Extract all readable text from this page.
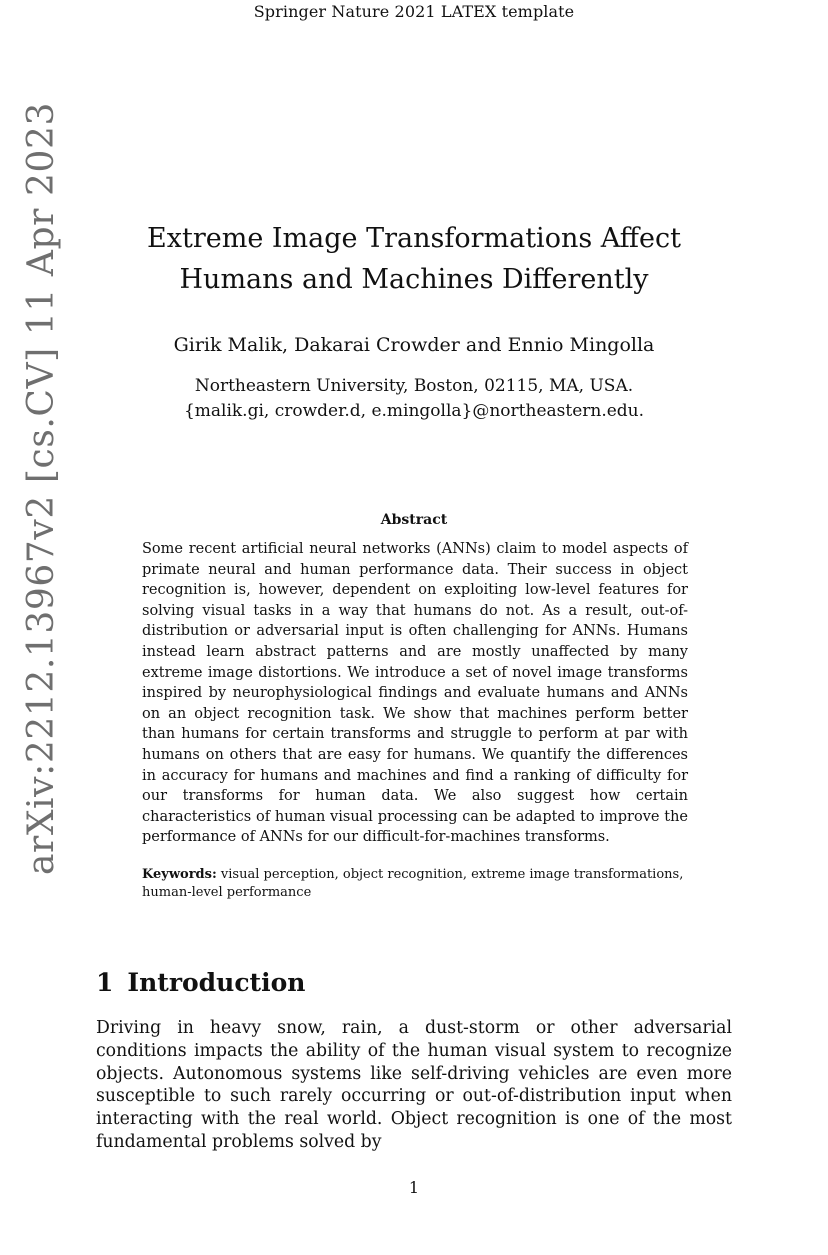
Springer Nature 2021 LATEX template
arXiv:2212.13967v2 [cs.CV] 11 Apr 2023	Extreme Image Transformations Affect
Humans and Machines Differently
Girik Malik, Dakarai Crowder and Ennio Mingolla
Northeastern University, Boston, 02115, MA, USA.
{malik.gi, crowder.d, e.mingolla}@northeastern.edu.
Abstract
Some recent artificial neural networks (ANNs) claim to model aspects of primate neural and human performance data. Their success in object recognition is, however, dependent on exploiting low-level features for solving visual tasks in a way that humans do not. As a result, out-of-distribution or adversarial input is often challenging for ANNs. Humans instead learn abstract patterns and are mostly unaffected by many extreme image distortions. We introduce a set of novel image transforms inspired by neurophysiological findings and evaluate humans and ANNs on an object recognition task. We show that machines perform better than humans for certain transforms and struggle to perform at par with humans on others that are easy for humans. We quantify the differences in accuracy for humans and machines and find a ranking of difficulty for our transforms for human data. We also suggest how certain characteristics of human visual processing can be adapted to improve the performance of ANNs for our difficult-for-machines transforms.
Keywords: visual perception, object recognition, extreme image transformations, human-level performance
1 Introduction
Driving in heavy snow, rain, a dust-storm or other adversarial conditions impacts the ability of the human visual system to recognize objects. Autonomous systems like self-driving vehicles are even more susceptible to such rarely occurring or out-of-distribution input when interacting with the real world. Object recognition is one of the most fundamental problems solved by
1
